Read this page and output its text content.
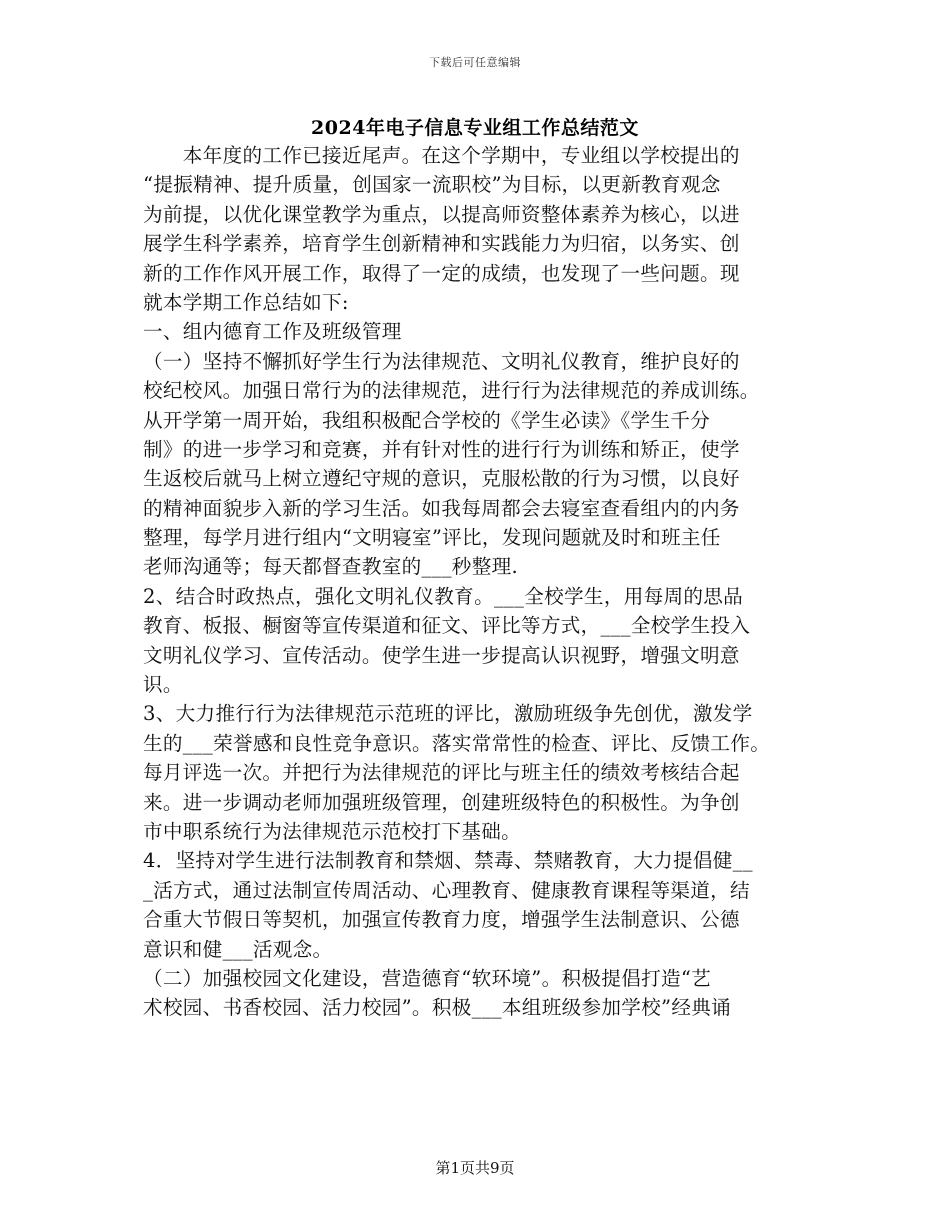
下载后可任意编辑
2024年电子信息专业组工作总结范文
　　本年度的工作已接近尾声。在这个学期中，专业组以学校提出的
“提振精神、提升质量，创国家一流职校”为目标，以更新教育观念
为前提，以优化课堂教学为重点，以提高师资整体素养为核心，以进
展学生科学素养，培育学生创新精神和实践能力为归宿，以务实、创
新的工作作风开展工作，取得了一定的成绩，也发现了一些问题。现
就本学期工作总结如下:
一、组内德育工作及班级管理
（一）坚持不懈抓好学生行为法律规范、文明礼仪教育，维护良好的
校纪校风。加强日常行为的法律规范，进行行为法律规范的养成训练。
从开学第一周开始，我组积极配合学校的《学生必读》《学生千分
制》的进一步学习和竞赛，并有针对性的进行行为训练和矫正，使学
生返校后就马上树立遵纪守规的意识，克服松散的行为习惯，以良好
的精神面貌步入新的学习生活。如我每周都会去寝室查看组内的内务
整理，每学月进行组内“文明寝室”评比，发现问题就及时和班主任
老师沟通等；每天都督查教室的___秒整理.
2、结合时政热点，强化文明礼仪教育。___全校学生，用每周的思品
教育、板报、橱窗等宣传渠道和征文、评比等方式，___全校学生投入
文明礼仪学习、宣传活动。使学生进一步提高认识视野，增强文明意
识。
3、大力推行行为法律规范示范班的评比，激励班级争先创优，激发学
生的___荣誉感和良性竞争意识。落实常常性的检查、评比、反馈工作。
每月评选一次。并把行为法律规范的评比与班主任的绩效考核结合起
来。进一步调动老师加强班级管理，创建班级特色的积极性。为争创
市中职系统行为法律规范示范校打下基础。
4．坚持对学生进行法制教育和禁烟、禁毒、禁赌教育，大力提倡健__
_活方式，通过法制宣传周活动、心理教育、健康教育课程等渠道，结
合重大节假日等契机，加强宣传教育力度，增强学生法制意识、公德
意识和健___活观念。
（二）加强校园文化建设，营造德育“软环境”。积极提倡打造“艺
术校园、书香校园、活力校园”。积极___本组班级参加学校”经典诵
第1页共9页
